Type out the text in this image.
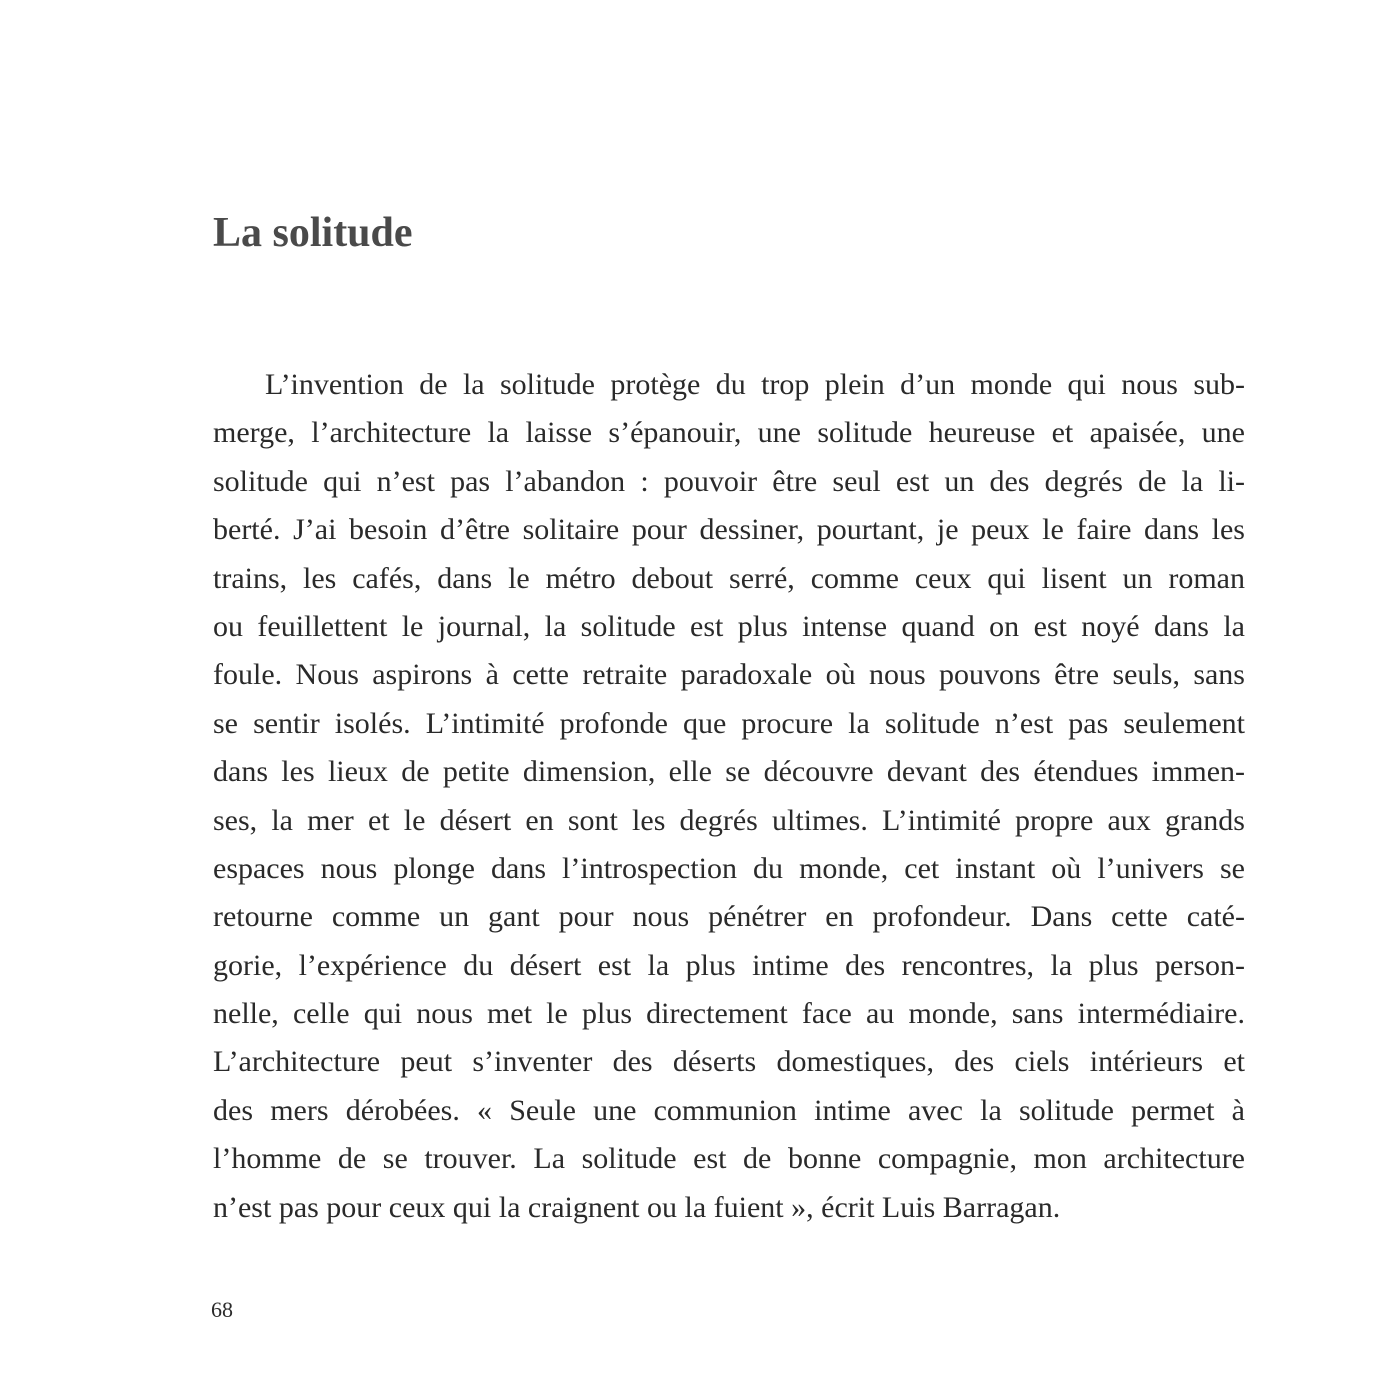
La solitude
L’invention de la solitude protège du trop plein d’un monde qui nous sub-
merge, l’architecture la laisse s’épanouir, une solitude heureuse et apaisée, une
solitude qui n’est pas l’abandon : pouvoir être seul est un des degrés de la li-
berté. J’ai besoin d’être solitaire pour dessiner, pourtant, je peux le faire dans les
trains, les cafés, dans le métro debout serré, comme ceux qui lisent un roman
ou feuillettent le journal, la solitude est plus intense quand on est noyé dans la
foule. Nous aspirons à cette retraite paradoxale où nous pouvons être seuls, sans
se sentir isolés. L’intimité profonde que procure la solitude n’est pas seulement
dans les lieux de petite dimension, elle se découvre devant des étendues immen-
ses, la mer et le désert en sont les degrés ultimes. L’intimité propre aux grands
espaces nous plonge dans l’introspection du monde, cet instant où l’univers se
retourne comme un gant pour nous pénétrer en profondeur. Dans cette caté-
gorie, l’expérience du désert est la plus intime des rencontres, la plus person-
nelle, celle qui nous met le plus directement face au monde, sans intermédiaire.
L’architecture peut s’inventer des déserts domestiques, des ciels intérieurs et
des mers dérobées. « Seule une communion intime avec la solitude permet à
l’homme de se trouver. La solitude est de bonne compagnie, mon architecture
n’est pas pour ceux qui la craignent ou la fuient », écrit Luis Barragan.

68
